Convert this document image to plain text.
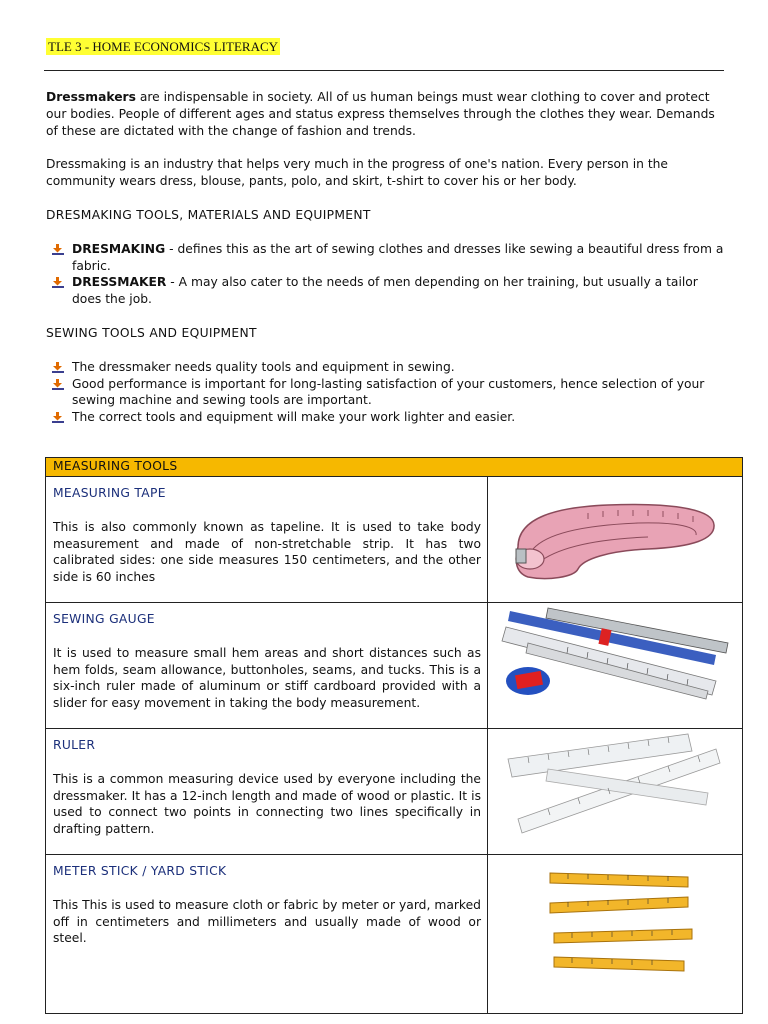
TLE 3 - HOME ECONOMICS LITERACY

Dressmakers are indispensable in society. All of us human beings must wear clothing to cover and protect our bodies. People of different ages and status express themselves through the clothes they wear. Demands of these are dictated with the change of fashion and trends.

Dressmaking is an industry that helps very much in the progress of one's nation. Every person in the community wears dress, blouse, pants, polo, and skirt, t-shirt to cover his or her body.

DRESMAKING TOOLS, MATERIALS AND EQUIPMENT
DRESMAKING - defines this as the art of sewing clothes and dresses like sewing a beautiful dress from a fabric.
DRESSMAKER - A may also cater to the needs of men depending on her training, but usually a tailor does the job.
SEWING TOOLS AND EQUIPMENT
The dressmaker needs quality tools and equipment in sewing.
Good performance is important for long-lasting satisfaction of your customers, hence selection of your sewing machine and sewing tools are important.
The correct tools and equipment will make your work lighter and easier.
MEASURING TOOLS	

MEASURING TAPE
This is also commonly known as tapeline. It is used to take body measurement and made of non-stretchable strip. It has two calibrated sides: one side measures 150 centimeters, and the other side is 60 inches

SEWING GAUGE
It is used to measure small hem areas and short distances such as hem folds, seam allowance, buttonholes, seams, and tucks. This is a six-inch ruler made of aluminum or stiff cardboard provided with a slider for easy movement in taking the body measurement.

RULER
This is a common measuring device used by everyone including the dressmaker. It has a 12-inch length and made of wood or plastic. It is used to connect two points in connecting two lines specifically in drafting pattern.

METER STICK / YARD STICK
This This is used to measure cloth or fabric by meter or yard, marked off in centimeters and millimeters and usually made of wood or steel.
